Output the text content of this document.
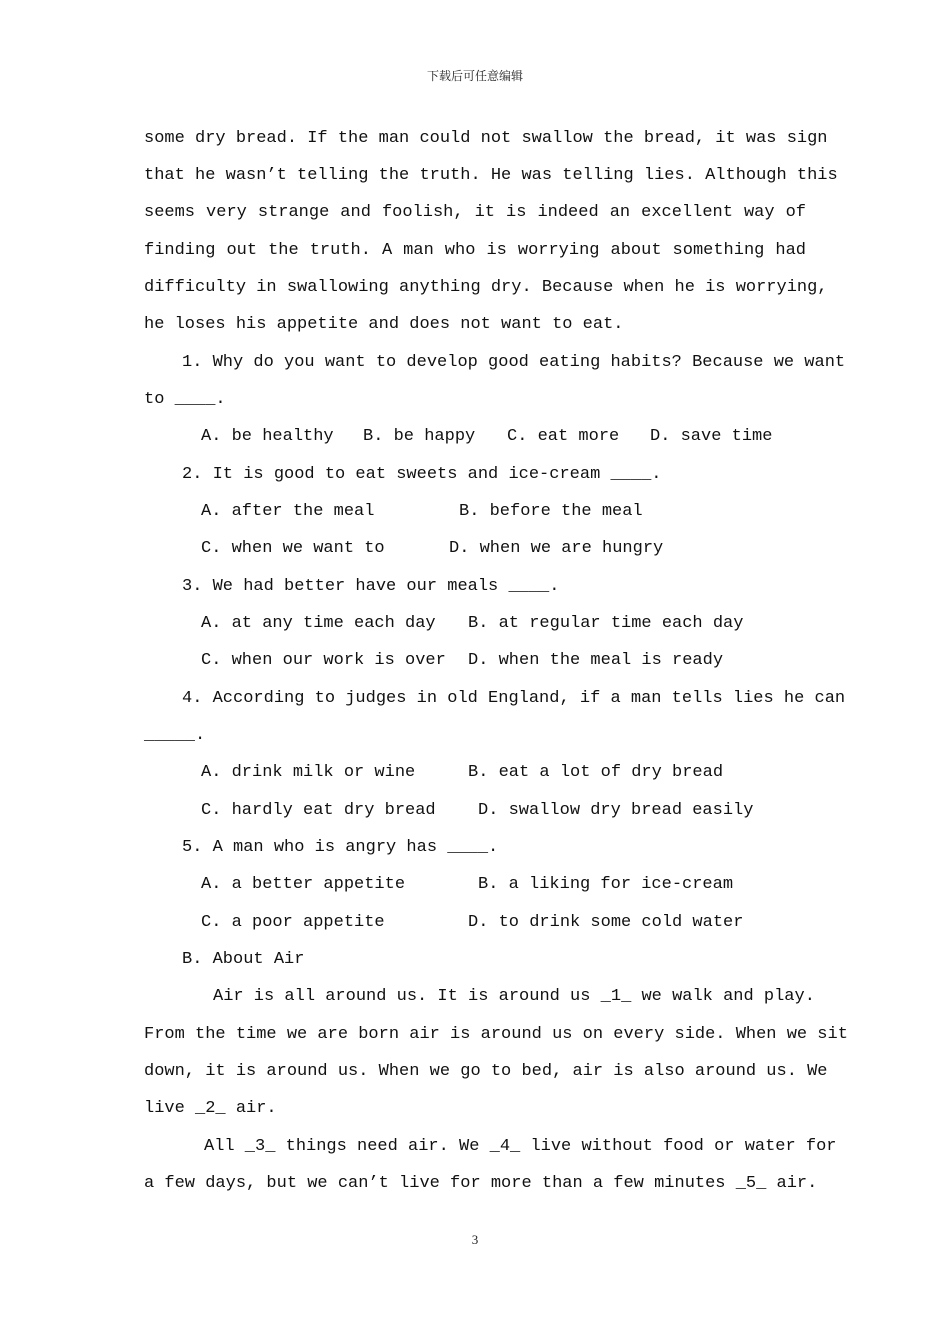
下载后可任意编辑
some dry bread. If the man could not swallow the bread, it was sign
that he wasn’t telling the truth. He was telling lies. Although this
seems very strange and foolish, it is indeed an excellent way of
finding out the truth. A man who is worrying about something had
difficulty in swallowing anything dry. Because when he is worrying,
he loses his appetite and does not want to eat.
1. Why do you want to develop good eating habits? Because we want
to ____.
A. be healthy B. be happy C. eat more D. save time
2. It is good to eat sweets and ice-cream ____.
A. after the meal	B. before the meal
C. when we want to	D. when we are hungry
3. We had better have our meals ____.
A. at any time each day B. at regular time each day
C. when our work is over D. when the meal is ready
4. According to judges in old England, if a man tells lies he can
_____.
A. drink milk or wine	B. eat a lot of dry bread
C. hardly eat dry bread D. swallow dry bread easily
5. A man who is angry has ____.
A. a better appetite	B. a liking for ice-cream
C. a poor appetite	D. to drink some cold water
B. About Air
Air is all around us. It is around us _1_ we walk and play.
From the time we are born air is around us on every side. When we sit
down, it is around us. When we go to bed, air is also around us. We
live _2_ air.
All _3_ things need air. We _4_ live without food or water for
a few days, but we can’t live for more than a few minutes _5_ air.
3
